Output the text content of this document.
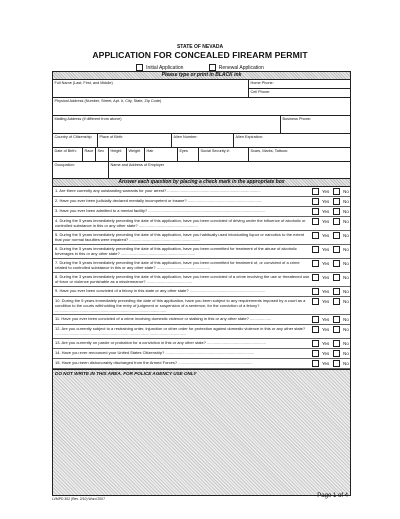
STATE OF NEVADA
APPLICATION FOR CONCEALED FIREARM PERMIT
Initial Application
	Renewal Application
Please type or print in BLACK ink
Full Name (Last, First, and Middle)	Home Phone:
Cell Phone:
Physical Address (Number, Street, Apt. #, City, State, Zip Code)
Mailing Address (if different from above)	Business Phone:
Country of Citizenship	Place of Birth:	Alien Number:	Alien Expiration:
Date of Birth:	Race	Sex	Height	Weight	Hair	Eyes	Social Security #:	Scars, Marks, Tattoos:
Occupation:	Name and Address of Employer
Answer each question by placing a check mark in the appropriate box
1. Are there currently any outstanding warrants for your arrest? ....................................................................................	Yes	No
2. Have you ever been judicially declared mentally incompetent or insane? ...................................................................	Yes	No
3. Have you ever been admitted to a mental facility? .........................................................................................................	Yes	No
4. During the 5 years immediately preceding the date of this application, have you been convicted of driving under the influence of alcoholic or controlled substance in this or any other state? .....................................................
Yes	No
5. During the 5 years immediately preceding the date of this application, have you habitually used intoxicating liquor or narcotics to the extent that your normal faculties were impaired? ................................................................
Yes	No
6. During the 5 years immediately preceding the date of this application, have you been committed for treatment of the abuse of alcoholic beverages in this or any other state? ...................................................................
Yes	No
7. During the 5 years immediately preceding the date of this application, have you been committed for treatment of, or convicted of a crime related to controlled substance in this or any other state? ................................................
Yes	No
8. During the 3 years immediately preceding the date of this application, have you been convicted of a crime involving the use or threatened use of force or violence punishable as a misdemeanor? .........................................
Yes	No
9. Have you ever been convicted of a felony in this state or any other state? ....................................................................	Yes	No
10. During the 5 years immediately preceding the date of this application, have you been subject to any requirements imposed by a court as a condition to the courts withholding the entry of judgment or suspension of a sentence, for the conviction of a felony? ....................................................................................................
Yes	No
11. Have you ever been convicted of a crime involving domestic violence or stalking in this or any other state? ...................	Yes	No
12. Are you currently subject to a restraining order, injunction or other order for protection against domestic violence in this or any other state? ......................................................................................................................
Yes	No
13. Are you currently on parole or probation for a conviction in this or any other state? .....................................................	Yes	No
14. Have you ever renounced your United States Citizenship? ................................................................................	Yes	No
15. Have you been dishonorably discharged from the Armed Forces? ...................................................................	Yes	No
DO NOT WRITE IN THIS AREA. FOR POLICE AGENCY USE ONLY
LVMPD 302 (Rev. 2/10) Word 2007	Page 1 of 4
